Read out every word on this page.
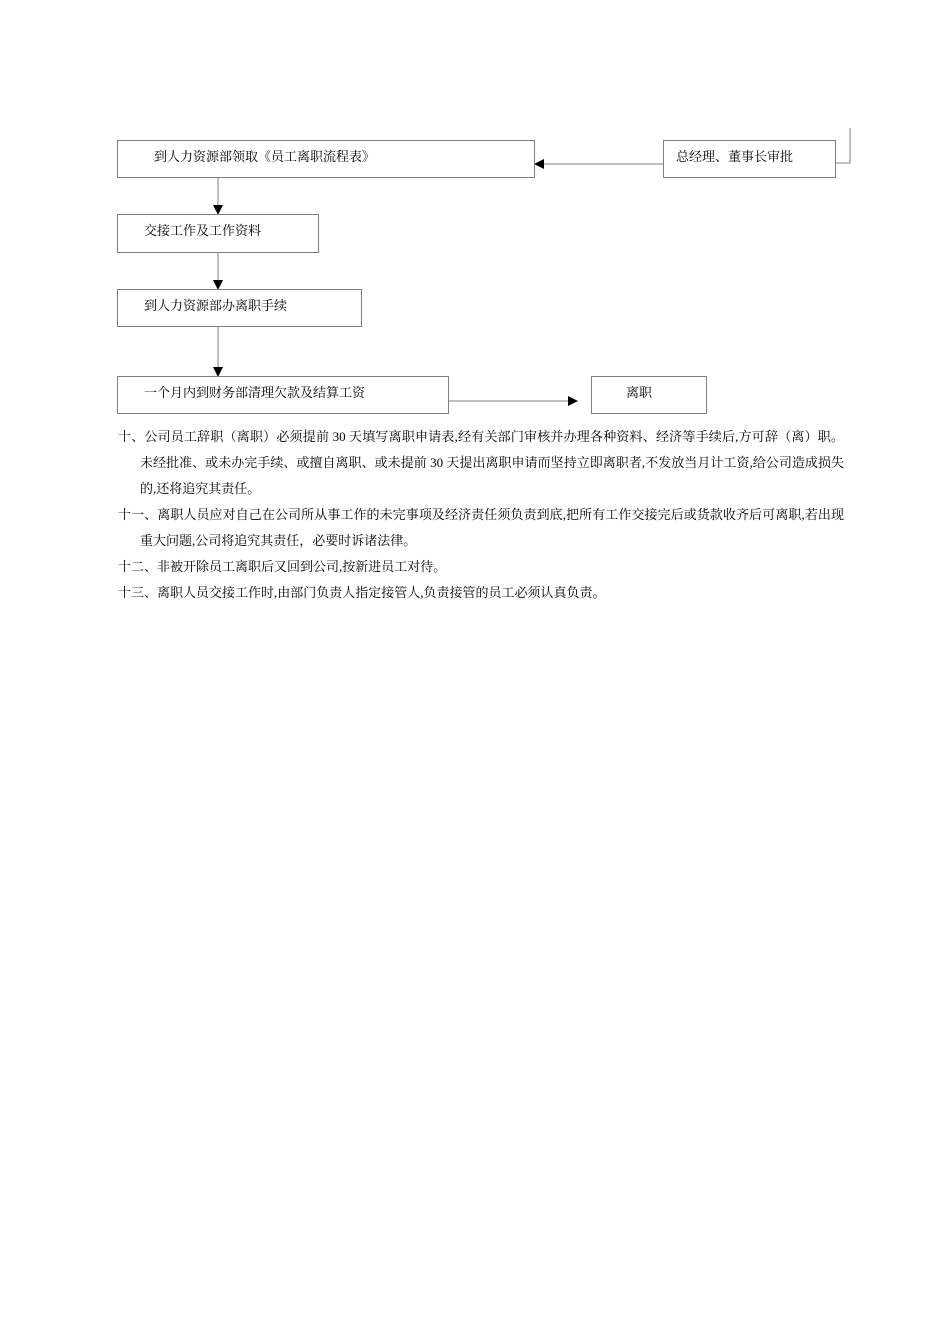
到人力资源部领取《员工离职流程表》	总经理、董事长审批
交接工作及工作资料
到人力资源部办离职手续
一个月内到财务部清理欠款及结算工资	离职

十、公司员工辞职（离职）必须提前 30 天填写离职申请表,经有关部门审核并办理各种资料、经济等手续后,方可辞（离）职。未经批准、或未办完手续、或擅自离职、或未提前 30 天提出离职申请而坚持立即离职者,不发放当月计工资,给公司造成损失的,还将追究其责任。

十一、离职人员应对自己在公司所从事工作的未完事项及经济责任须负责到底,把所有工作交接完后或货款收齐后可离职,若出现重大问题,公司将追究其责任，必要时诉诸法律。

十二、非被开除员工离职后又回到公司,按新进员工对待。

十三、离职人员交接工作时,由部门负责人指定接管人,负责接管的员工必须认真负责。
